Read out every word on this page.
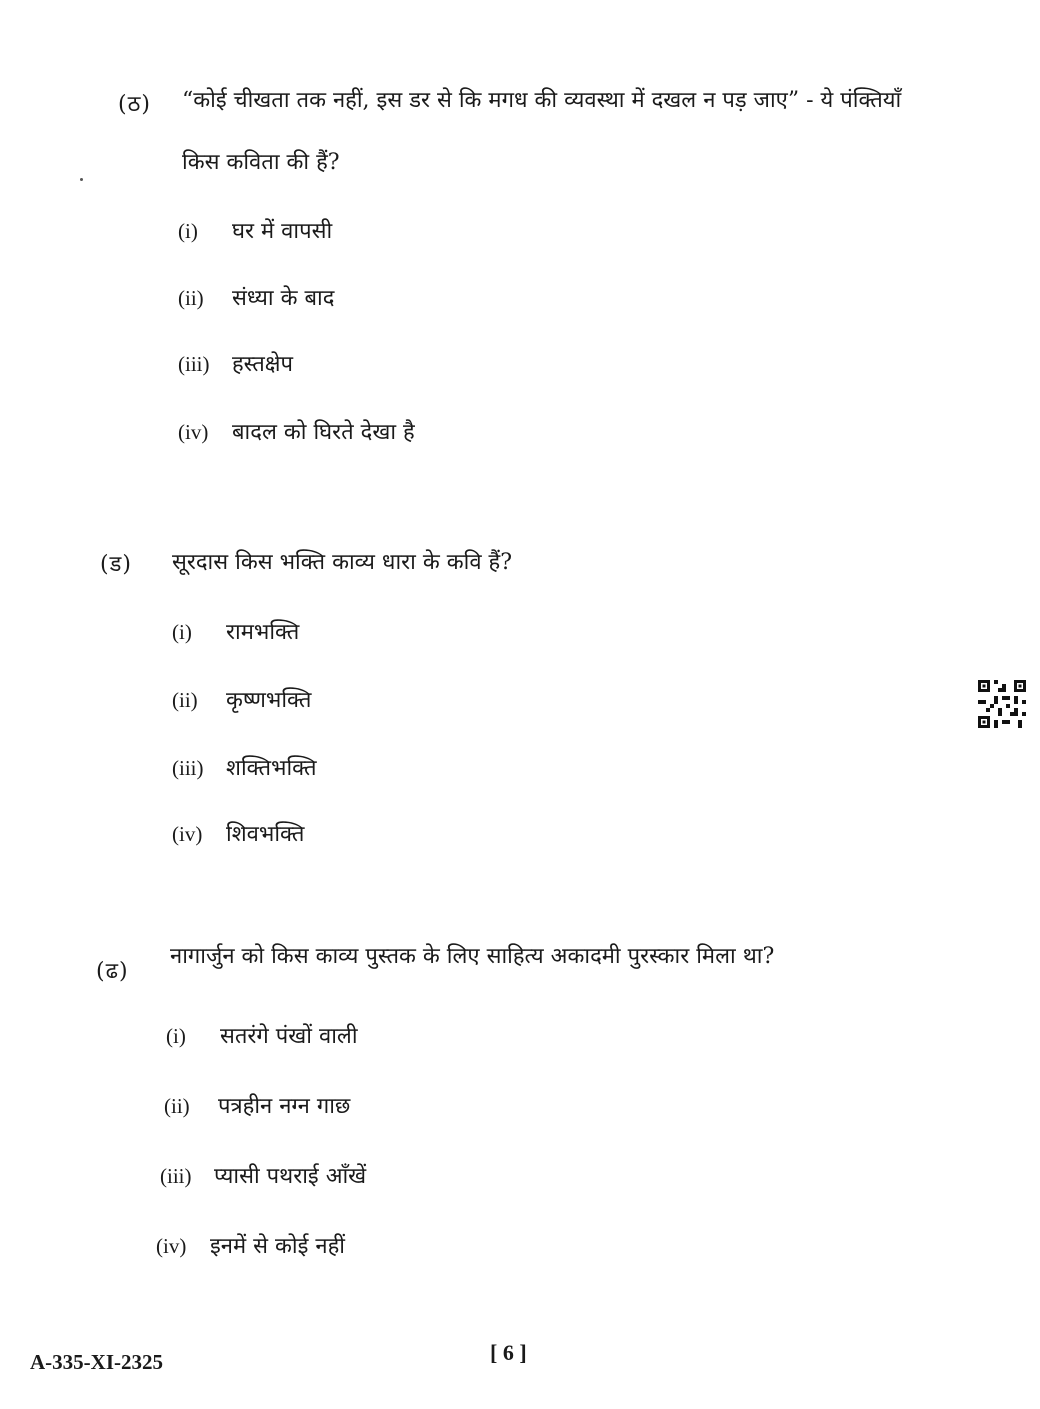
(ठ) “कोई चीखता तक नहीं, इस डर से कि मगध की व्यवस्था में दखल न पड़ जाए” - ये पंक्तियाँ
किस कविता की हैं?
(i) घर में वापसी
(ii) संध्या के बाद
(iii) हस्तक्षेप
(iv) बादल को घिरते देखा है
(ड) सूरदास किस भक्ति काव्य धारा के कवि हैं?
(i) रामभक्ति
(ii) कृष्णभक्ति
(iii) शक्तिभक्ति
(iv) शिवभक्ति
(ढ)
नागार्जुन को किस काव्य पुस्तक के लिए साहित्य अकादमी पुरस्कार मिला था?
(i) सतरंगे पंखों वाली
(ii) पत्रहीन नग्न गाछ
(iii) प्यासी पथराई आँखें
(iv) इनमें से कोई नहीं
A-335-XI-2325	[ 6 ]
